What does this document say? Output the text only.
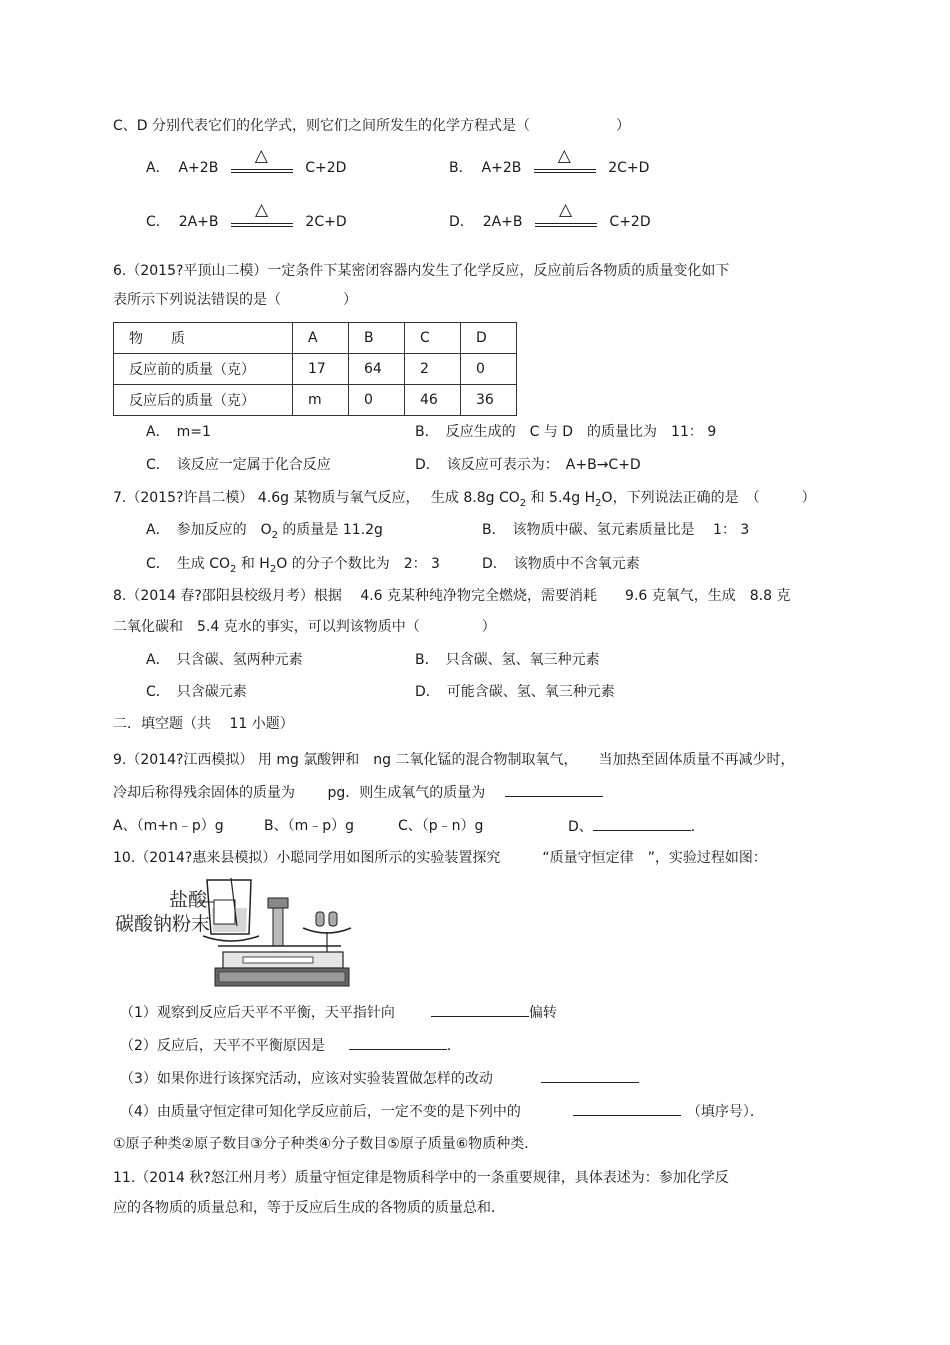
C、D 分别代表它们的化学式，则它们之间所发生的化学方程式是（	）
A． A+2B
△
C+2D	B． A+2B
△
2C+D
C． 2A+B
△
2C+D	D． 2A+B
△
C+2D
6.（2015?平顶山二模）一定条件下某密闭容器内发生了化学反应，反应前后各物质的质量变化如下
表所示下列说法错误的是（	）
物　　质	A	B	C	D
反应前的质量（克）	17	64	2	0
反应后的质量（克）	m	0	46	36
A．　m=1	B．　反应生成的　C 与 D　的质量比为　11： 9
C．　该反应一定属于化合反应	D．　该反应可表示为：　A+B→C+D
7.（2015?许昌二模） 4.6g 某物质与氧气反应，　 生成 8.8g $CO_2$ 和 5.4g $H_2O$，下列说法正确的是　（　　　）
A．　参加反应的　$O_2$ 的质量是 11.2g	B．　该物质中碳、氢元素质量比是　 1： 3
C．　生成 $CO_2$ 和 $H_2O$ 的分子个数比为　2： 3	D．　该物质中不含氧元素
8.（2014 春?邵阳县校级月考）根据　 4.6 克某种纯净物完全燃烧，需要消耗　　9.6 克氧气，生成　8.8 克
二氧化碳和　5.4 克水的事实，可以判该物质中（	）
A．　只含碳、氢两种元素	B．　只含碳、氢、氧三种元素
C．　只含碳元素	D．　可能含碳、氢、氧三种元素
二．填空题（共　 11 小题）
9.（2014?江西模拟） 用 mg 氯酸钾和　ng 二氧化锰的混合物制取氧气，　　当加热至固体质量不再减少时，
冷却后称得残余固体的质量为　　 pg．则生成氧气的质量为
A、（m+n﹣p）g	B、（m﹣p）g	C、（p﹣n）g	D、	．
10.（2014?惠来县模拟）小聪同学用如图所示的实验装置探究　　　“质量守恒定律　”，实验过程如图：
盐酸
碳酸钠粉末
（1）观察到反应后天平不平衡，天平指针向	偏转
（2）反应后，天平不平衡原因是	．
（3）如果你进行该探究活动，应该对实验装置做怎样的改动
（4）由质量守恒定律可知化学反应前后，一定不变的是下列中的	（填序号）．
①原子种类②原子数目③分子种类④分子数目⑤原子质量⑥物质种类．
11.（2014 秋?怒江州月考）质量守恒定律是物质科学中的一条重要规律，具体表述为：参加化学反
应的各物质的质量总和，等于反应后生成的各物质的质量总和．
